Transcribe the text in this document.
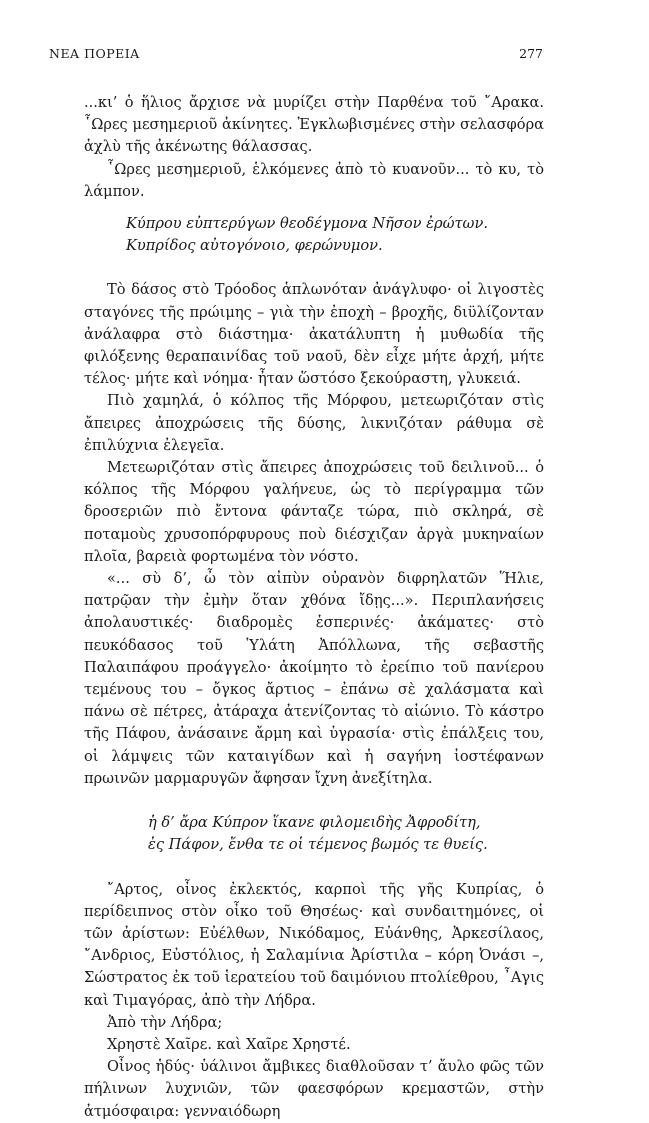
ΝΕΑ ΠΟΡΕΙΑ	277

...κι’ ὁ ἥλιος ἄρχισε νὰ μυρίζει στὴν Παρθένα τοῦ ῎Αρακα. ῟Ωρες μεσημεριοῦ ἀκίνητες. Ἐγκλωβισμένες στὴν σελασφόρα ἀχλὺ τῆς ἀκένωτης θάλασσας.

῟Ωρες μεσημεριοῦ, ἑλκόμενες ἀπὸ τὸ κυανοῦν... τὸ κυ, τὸ λάμπον.

Κύπρου εὐπτερύγων θεοδέγμονα Νῆσον ἐρώτων.

Κυπρίδος αὐτογόνοιο, φερώνυμον.

Τὸ δάσος στὸ Τρόοδος ἁπλωνόταν ἀνάγλυφο· οἱ λιγοστὲς σταγόνες τῆς πρώιμης – γιὰ τὴν ἐποχὴ – βροχῆς, διϋλίζονταν ἀνάλαφρα στὸ διάστημα· ἀκατάλυπτη ἡ μυθωδία τῆς φιλόξενης θεραπαινίδας τοῦ ναοῦ, δὲν εἶχε μήτε ἀρχή, μήτε τέλος· μήτε καὶ νόημα· ἦταν ὥστόσο ξεκούραστη, γλυκειά.

Πιὸ χαμηλά, ὁ κόλπος τῆς Μόρφου, μετεωριζόταν στὶς ἄπειρες ἀποχρώσεις τῆς δύσης, λικνιζόταν ράθυμα σὲ ἐπιλύχνια ἐλεγεῖα.

Μετεωριζόταν στὶς ἄπειρες ἀποχρώσεις τοῦ δειλινοῦ... ὁ κόλπος τῆς Μόρφου γαλήνευε, ὡς τὸ περίγραμμα τῶν δροσεριῶν πιὸ ἔντονα φάνταζε τώρα, πιὸ σκληρά, σὲ ποταμοὺς χρυσοπόρφυρους ποὺ διέσχιζαν ἀργὰ μυκηναίων πλοῖα, βαρειὰ φορτωμένα τὸν νόστο.

«... σὺ δ’, ὦ τὸν αἰπὺν οὐρανὸν διφρηλατῶν Ἥλιε, πατρῷαν τὴν ἐμὴν ὅταν χθόνα ἴδῃς...». Περιπλανήσεις ἀπολαυστικές· διαδρομὲς ἑσπερινές· ἀκάματες· στὸ πευκόδασος τοῦ Ὑλάτη Ἀπόλλωνα, τῆς σεβαστῆς Παλαιπάφου προάγγελο· ἀκοίμητο τὸ ἐρείπιο τοῦ πανίερου τεμένους του – ὄγκος ἄρτιος – ἐπάνω σὲ χαλάσματα καὶ πάνω σὲ πέτρες, ἀτάραχα ἀτενίζοντας τὸ αἰώνιο. Τὸ κάστρο τῆς Πάφου, ἀνάσαινε ἄρμη καὶ ὑγρασία· στὶς ἐπάλξεις του, οἱ λάμψεις τῶν καταιγίδων καὶ ἡ σαγήνη ἰοστέφανων πρωινῶν μαρμαρυγῶν ἄφησαν ἴχνη ἀνεξίτηλα.

ἡ δ’ ἄρα Κύπρον ἵκανε φιλομειδὴς Ἀφροδίτη,

ἐς Πάφον, ἔνθα τε οἱ τέμενος βωμός τε θυείς.

῎Αρτος, οἶνος ἐκλεκτός, καρποὶ τῆς γῆς Κυπρίας, ὁ περίδειπνος στὸν οἶκο τοῦ Θησέως· καὶ συνδαιτημόνες, οἱ τῶν ἀρίστων: Εὐέλθων, Νικόδαμος, Εὐάνθης, Ἀρκεσίλαος, ῎Ανδριος, Εὐστόλιος, ἡ Σαλαμίνια Ἀρίστιλα – κόρη Ὀνάσι –, Σώστρατος ἐκ τοῦ ἱερατείου τοῦ δαιμόνιου πτολίεθρου, ῏Αγις καὶ Τιμαγόρας, ἀπὸ τὴν Λήδρα.

Ἀπὸ τὴν Λήδρα;

Χρηστὲ Χαῖρε. καὶ Χαῖρε Χρηστέ.

Οἶνος ἡδύς· ὑάλινοι ἄμβικες διαθλοῦσαν τ’ ἄυλο φῶς τῶν πήλινων λυχνιῶν, τῶν φαεσφόρων κρεμαστῶν, στὴν ἀτμόσφαιρα: γενναιόδωρη
